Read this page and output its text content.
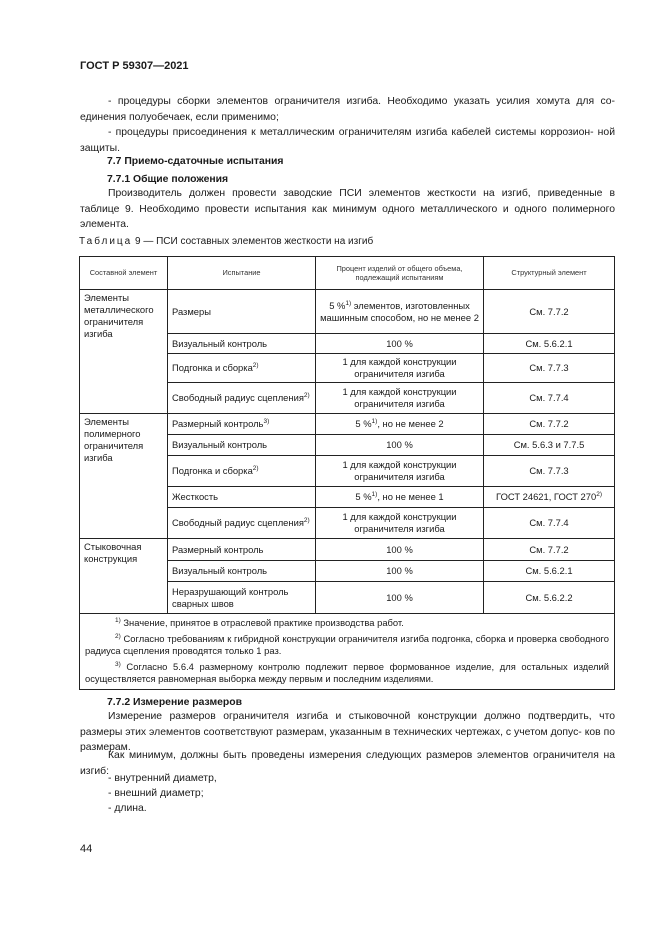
ГОСТ Р 59307—2021
- процедуры сборки элементов ограничителя изгиба. Необходимо указать усилия хомута для со- единения полуобечаек, если применимо;
- процедуры присоединения к металлическим ограничителям изгиба кабелей системы коррозион- ной защиты.
7.7 Приемо-сдаточные испытания
7.7.1 Общие положения
Производитель должен провести заводские ПСИ элементов жесткости на изгиб, приведенные в таблице 9. Необходимо провести испытания как минимум одного металлического и одного полимерного элемента.
Таблица 9 — ПСИ составных элементов жесткости на изгиб
Составной элемент	Испытание	Процент изделий от общего объема, подлежащий испытаниям	Структурный элемент
Элементы металлического ограничителя изгиба	Размеры	5 %$^{1)}$ элементов, изготовленных машинным способом, но не менее 2	См. 7.7.2
	Визуальный контроль	100 %	См. 5.6.2.1
	Подгонка и сборка$^{2)}$	1 для каждой конструкции ограничителя изгиба	См. 7.7.3
	Свободный радиус сцепления$^{2)}$	1 для каждой конструкции ограничителя изгиба	См. 7.7.4
Элементы полимерного ограничителя изгиба	Размерный контроль$^{3)}$	5 %$^{1)}$, но не менее 2	См. 7.7.2
	Визуальный контроль	100 %	См. 5.6.3 и 7.7.5
	Подгонка и сборка$^{2)}$	1 для каждой конструкции ограничителя изгиба	См. 7.7.3
	Жесткость	5 %$^{1)}$, но не менее 1	ГОСТ 24621, ГОСТ 270$^{2)}$
	Свободный радиус сцепления$^{2)}$	1 для каждой конструкции ограничителя изгиба	См. 7.7.4
Стыковочная конструкция	Размерный контроль	100 %	См. 7.7.2
	Визуальный контроль	100 %	См. 5.6.2.1
	Неразрушающий контроль сварных швов	100 %	См. 5.6.2.2

$^{1)}$ Значение, принятое в отраслевой практике производства работ.
$^{2)}$ Согласно требованиям к гибридной конструкции ограничителя изгиба подгонка, сборка и проверка свободного радиуса сцепления проводятся только 1 раз.
$^{3)}$ Согласно 5.6.4 размерному контролю подлежит первое формованное изделие, для остальных изделий осуществляется равномерная выборка между первым и последним изделиями.			
7.7.2 Измерение размеров
Измерение размеров ограничителя изгиба и стыковочной конструкции должно подтвердить, что размеры этих элементов соответствуют размерам, указанным в технических чертежах, с учетом допус- ков по размерам.
Как минимум, должны быть проведены измерения следующих размеров элементов ограничителя на изгиб:
- внутренний диаметр,
- внешний диаметр;
- длина.
44
